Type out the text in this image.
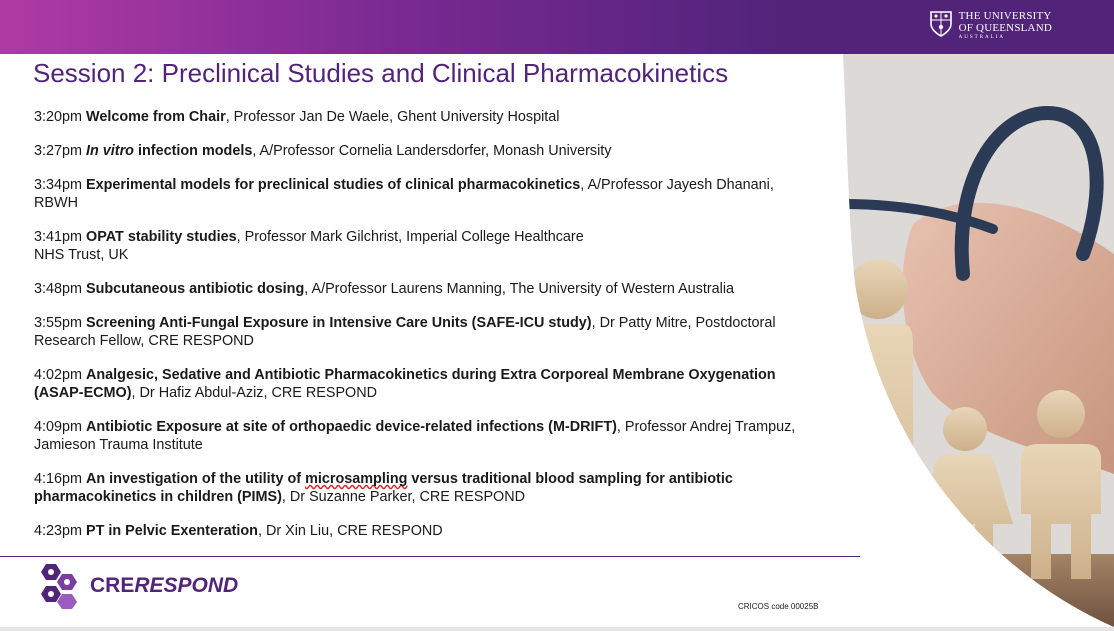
THE UNIVERSITY
OF QUEENSLAND
AUSTRALIA
Session 2: Preclinical Studies and Clinical Pharmacokinetics
3:20pm Welcome from Chair, Professor Jan De Waele, Ghent University Hospital
3:27pm In vitro infection models, A/Professor Cornelia Landersdorfer, Monash University
3:34pm Experimental models for preclinical studies of clinical pharmacokinetics, A/Professor Jayesh Dhanani, RBWH
3:41pm OPAT stability studies, Professor Mark Gilchrist, Imperial College Healthcare
NHS Trust, UK
3:48pm Subcutaneous antibiotic dosing, A/Professor Laurens Manning, The University of Western Australia
3:55pm Screening Anti-Fungal Exposure in Intensive Care Units (SAFE-ICU study), Dr Patty Mitre, Postdoctoral Research Fellow, CRE RESPOND
4:02pm Analgesic, Sedative and Antibiotic Pharmacokinetics during Extra Corporeal Membrane Oxygenation (ASAP-ECMO), Dr Hafiz Abdul-Aziz, CRE RESPOND
4:09pm Antibiotic Exposure at site of orthopaedic device-related infections (M-DRIFT), Professor Andrej Trampuz, Jamieson Trauma Institute
4:16pm An investigation of the utility of microsampling versus traditional blood sampling for antibiotic pharmacokinetics in children (PIMS), Dr Suzanne Parker, CRE RESPOND
4:23pm PT in Pelvic Exenteration, Dr Xin Liu, CRE RESPOND
CRERESPOND
CRICOS code 00025B
